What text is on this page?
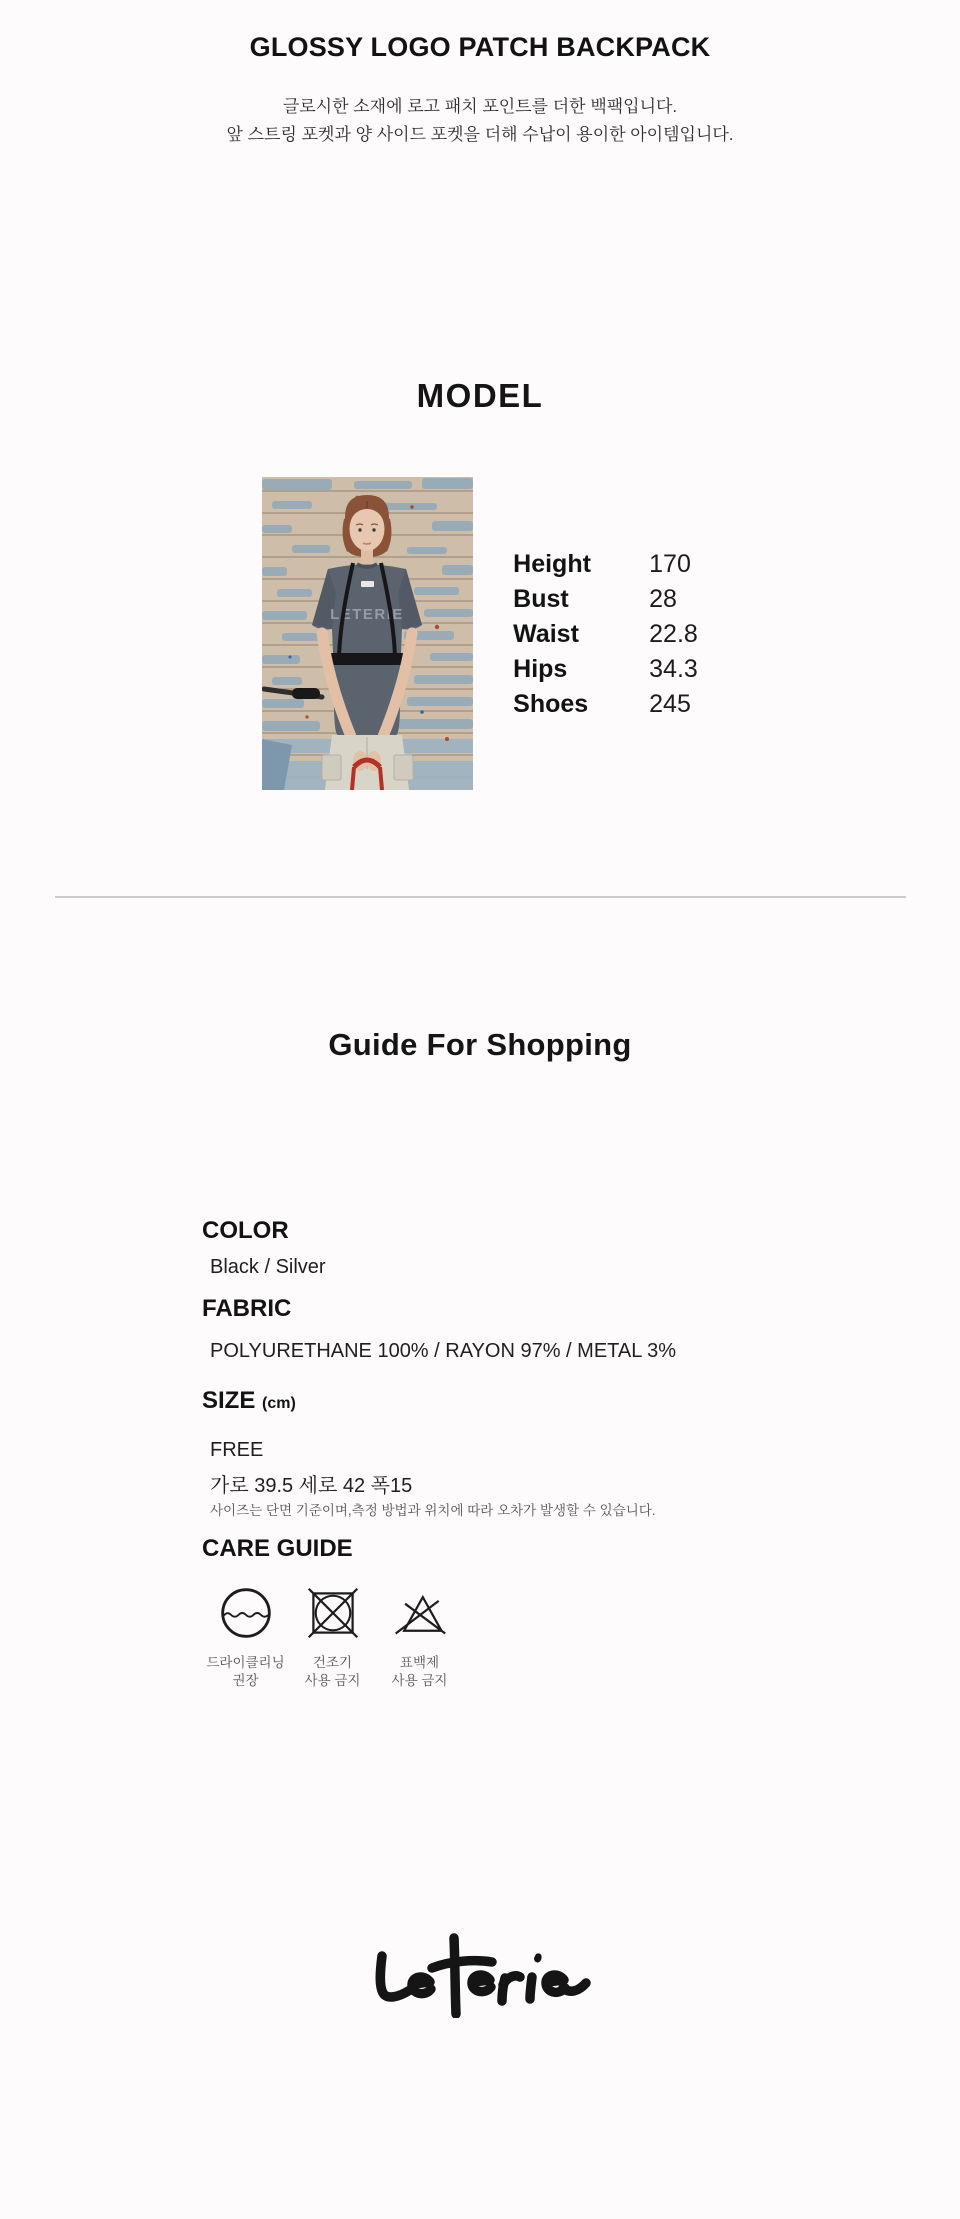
GLOSSY LOGO PATCH BACKPACK

글로시한 소재에 로고 패치 포인트를 더한 백팩입니다.
앞 스트링 포켓과 양 사이드 포켓을 더해 수납이 용이한 아이템입니다.

MODEL
LETERIE
Height	170
Bust	28
Waist	22.8
Hips	34.3
Shoes	245
Guide For Shopping
COLOR

Black / Silver

FABRIC

POLYURETHANE 100% / RAYON 97% / METAL 3%

SIZE (cm)

FREE

가로 39.5 세로 42 폭15

사이즈는 단면 기준이며,측정 방법과 위치에 따라 오차가 발생할 수 있습니다.

CARE GUIDE
드라이클리닝
권장
건조기
사용 금지
표백제
사용 금지
